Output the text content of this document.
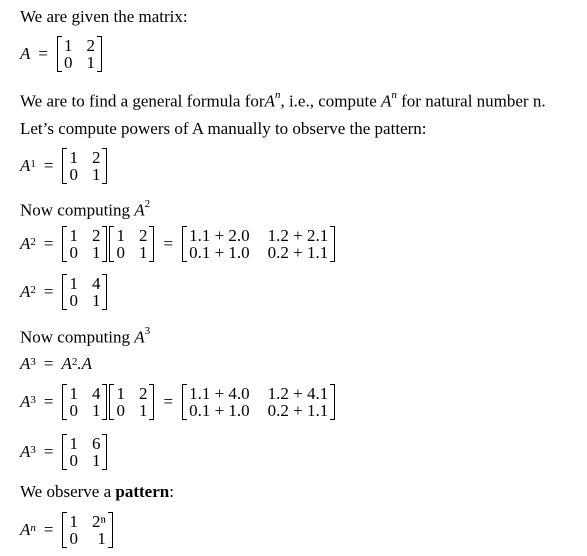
We are given the matrix:
A = 1 2
0 1
We are to find a general formula forA$^n$, i.e., compute $A^n$ for natural number n.
Let’s compute powers of A manually to observe the pattern:
$A^1 = 1$ 2
0 1
Now computing $A^2$
$A^2 = 1$ 2
0 1
1 2
0 1 = 1.1 + 2.0 1.2 + 2.1
0.1 + 1.0 0.2 + 1.1
$A^2 = 1$ 4
0 1
Now computing $A^3$
$A^3 = A^2$ .A
$A^3 = 1$ 4
0 1
1 2
0 1 = 1.1 + 4.0 1.2 + 4.1
0.1 + 1.0 0.2 + 1.1
$A^3 = 1$ 6
0 1
We observe a pattern:
$A^n = 1$ 2ⁿ
0	1
